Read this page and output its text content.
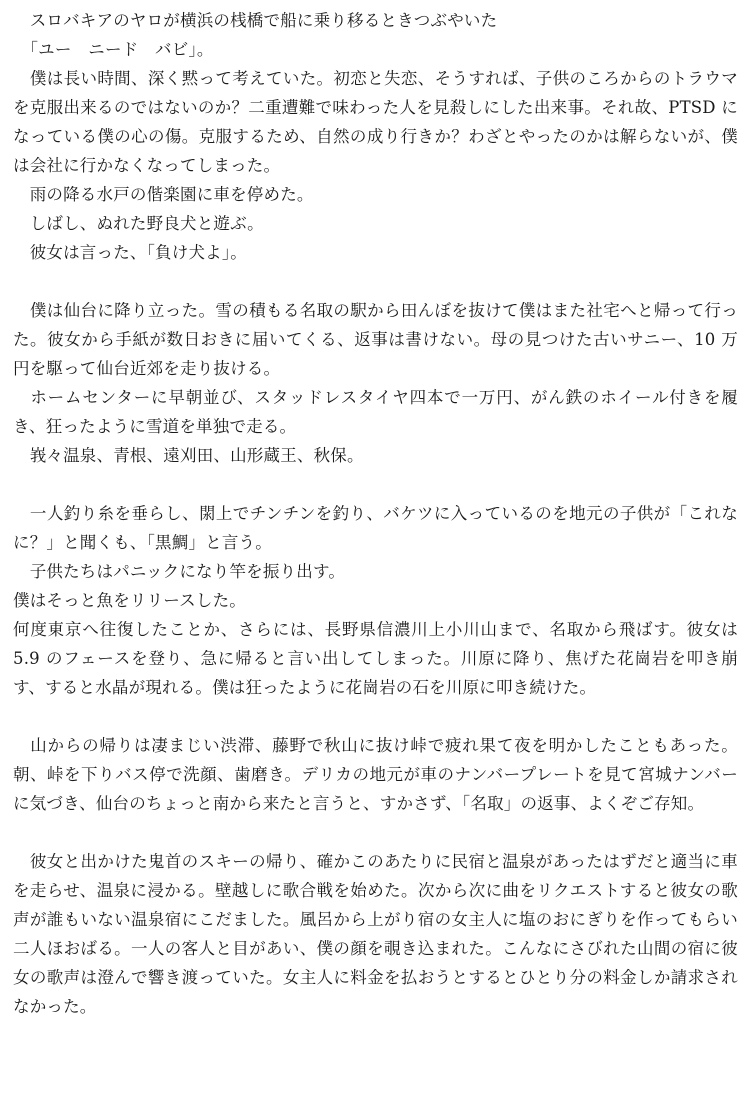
　スロバキアのヤロが横浜の桟橋で船に乗り移るときつぶやいた

　「ユー　ニード　バビ」。

　僕は長い時間、深く黙って考えていた。初恋と失恋、そうすれば、子供のころからのトラウマを克服出来るのではないのか？二重遭難で味わった人を見殺しにした出来事。それ故、PTSD になっている僕の心の傷。克服するため、自然の成り行きか？わざとやったのかは解らないが、僕は会社に行かなくなってしまった。

　雨の降る水戸の偕楽園に車を停めた。

　しばし、ぬれた野良犬と遊ぶ。

　彼女は言った、「負け犬よ」。

　僕は仙台に降り立った。雪の積もる名取の駅から田んぼを抜けて僕はまた社宅へと帰って行った。彼女から手紙が数日おきに届いてくる、返事は書けない。母の見つけた古いサニー、10 万円を駆って仙台近郊を走り抜ける。

　ホームセンターに早朝並び、スタッドレスタイヤ四本で一万円、がん鉄のホイール付きを履き、狂ったように雪道を単独で走る。

　峩々温泉、青根、遠刈田、山形蔵王、秋保。

　一人釣り糸を垂らし、閖上でチンチンを釣り、バケツに入っているのを地元の子供が「これなに？」と聞くも、「黒鯛」と言う。

　子供たちはパニックになり竿を振り出す。

僕はそっと魚をリリースした。

何度東京へ往復したことか、さらには、長野県信濃川上小川山まで、名取から飛ばす。彼女は 5.9 のフェースを登り、急に帰ると言い出してしまった。川原に降り、焦げた花崗岩を叩き崩す、すると水晶が現れる。僕は狂ったように花崗岩の石を川原に叩き続けた。

　山からの帰りは凄まじい渋滞、藤野で秋山に抜け峠で疲れ果て夜を明かしたこともあった。朝、峠を下りバス停で洗顔、歯磨き。デリカの地元が車のナンバープレートを見て宮城ナンバーに気づき、仙台のちょっと南から来たと言うと、すかさず、「名取」の返事、よくぞご存知。

　彼女と出かけた鬼首のスキーの帰り、確かこのあたりに民宿と温泉があったはずだと適当に車を走らせ、温泉に浸かる。壁越しに歌合戦を始めた。次から次に曲をリクエストすると彼女の歌声が誰もいない温泉宿にこだました。風呂から上がり宿の女主人に塩のおにぎりを作ってもらい二人ほおばる。一人の客人と目があい、僕の顔を覗き込まれた。こんなにさびれた山間の宿に彼女の歌声は澄んで響き渡っていた。女主人に料金を払おうとするとひとり分の料金しか請求されなかった。
